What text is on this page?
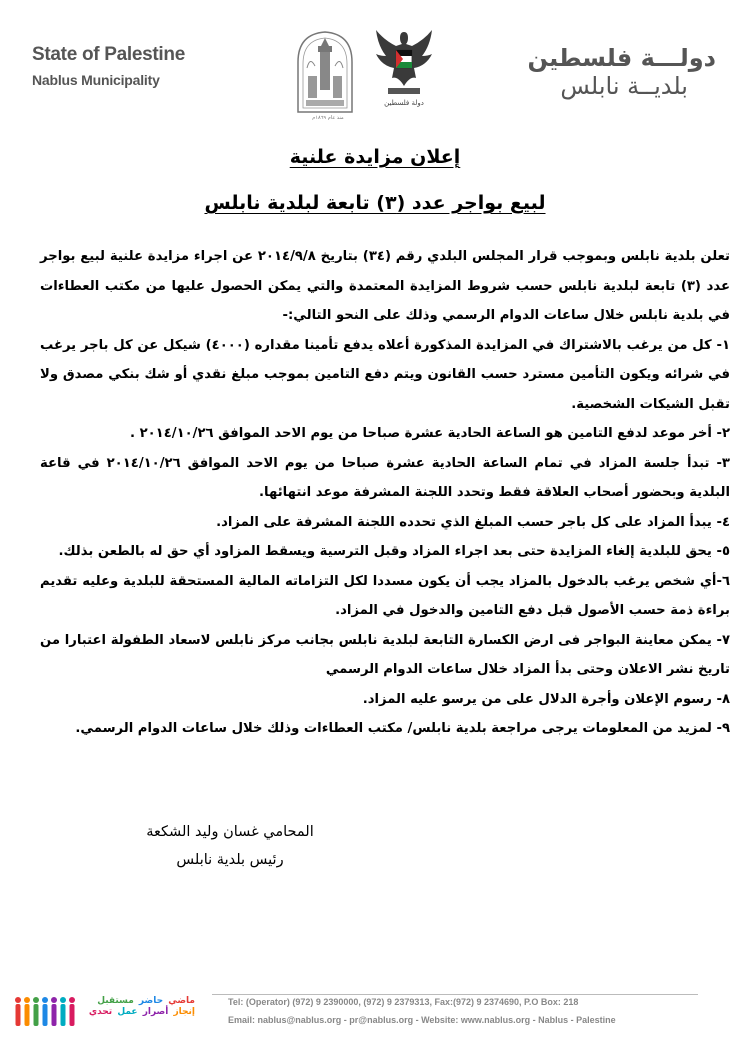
State of Palestine
Nablus Municipality
منذ عام ١٨٦٩م
دولة فلسطين
دولـــة فلسطين
بلديــة نابلس
إعلان مزايدة علنية
لبيع بواجر عدد (٣) تابعة لبلدية نابلس

تعلن بلدية نابلس وبموجب قرار المجلس البلدي رقم (٣٤) بتاريخ ٢٠١٤/٩/٨ عن اجراء مزايدة علنية لبيع بواجر عدد (٣) تابعة لبلدية نابلس حسب شروط المزايدة المعتمدة والتي يمكن الحصول عليها من مكتب العطاءات في بلدية نابلس خلال ساعات الدوام الرسمي وذلك على النحو التالي:-

١- كل من يرغب بالاشتراك في المزايدة المذكورة أعلاه يدفع تأمينا مقداره (٤٠٠٠) شيكل عن كل باجر يرغب في شرائه ويكون التأمين مسترد حسب القانون ويتم دفع التامين بموجب مبلغ نقدي أو شك بنكي مصدق ولا تقبل الشيكات الشخصية.

٢- أخر موعد لدفع التامين هو الساعة الحادية عشرة صباحا من يوم الاحد الموافق ٢٠١٤/١٠/٢٦ .

٣- تبدأ جلسة المزاد في تمام الساعة الحادية عشرة صباحا من يوم الاحد الموافق ٢٠١٤/١٠/٢٦ في قاعة البلدية وبحضور أصحاب العلاقة فقط وتحدد اللجنة المشرفة موعد انتهائها.

٤- يبدأ المزاد على كل باجر حسب المبلغ الذي تحدده اللجنة المشرفة على المزاد.

٥- يحق للبلدية إلغاء المزايدة حتى بعد اجراء المزاد وقبل الترسية ويسقط المزاود أي حق له بالطعن بذلك.

٦-أي شخص يرغب بالدخول بالمزاد يجب أن يكون مسددا لكل التزاماته المالية المستحقة للبلدية وعليه تقديم براءة ذمة حسب الأصول قبل دفع التامين والدخول في المزاد.

٧- يمكن معاينة البواجر فى ارض الكسارة التابعة لبلدية نابلس بجانب مركز نابلس لاسعاد الطفولة اعتبارا من تاريخ نشر الاعلان وحتى بدأ المزاد خلال ساعات الدوام الرسمي

٨- رسوم الإعلان وأجرة الدلال على من يرسو عليه المزاد.

٩- لمزيد من المعلومات يرجى مراجعة بلدية نابلس/ مكتب العطاءات وذلك خلال ساعات الدوام الرسمي.

المحامي غسان وليد الشكعة
رئيس بلدية نابلس
ماضي حاضر مستقبل إنجاز أصرار عمل تحدي
Tel: (Operator) (972) 9 2390000, (972) 9 2379313, Fax:(972) 9 2374690, P.O Box: 218
Email: nablus@nablus.org - pr@nablus.org - Website: www.nablus.org - Nablus - Palestine
